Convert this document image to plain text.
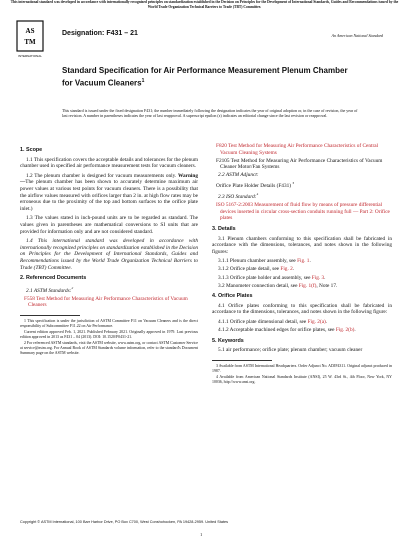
This international standard was developed in accordance with internationally recognized principles on standardization established in the Decision on Principles for the Development of International Standards, Guides and Recommendations issued by the World Trade Organization Technical Barriers to Trade (TBT) Committee.
AS
TM
INTERNATIONAL
Designation: F431 – 21	An American National Standard
Standard Specification for Air Performance Measurement Plenum Chamber for Vacuum Cleaners$^1$
This standard is issued under the fixed designation F431; the number immediately following the designation indicates the year of original adoption or, in the case of revision, the year of last revision. A number in parentheses indicates the year of last reapproval. A superscript epsilon (ε) indicates an editorial change since the last revision or reapproval.
1. Scope

1.1 This specification covers the acceptable details and tolerances for the plenum chamber used in specified air performance measurement tests for vacuum cleaners.

1.2 The plenum chamber is designed for vacuum measurements only. Warning—The plenum chamber has been shown to accurately determine maximum air power values at various test points for vacuum cleaners. There is a possibility that the airflow values measured with orifices larger than 2 in. at high flow rates may be erroneous due to the proximity of the top and bottom surfaces to the orifice plate inlet.)

1.3 The values stated in inch-pound units are to be regarded as standard. The values given in parentheses are mathematical conversions to SI units that are provided for information only and are not considered standard.

1.4 This international standard was developed in accordance with internationally recognized principles on standardization established in the Decision on Principles for the Development of International Standards, Guides and Recommendations issued by the World Trade Organization Technical Barriers to Trade (TBT) Committee.

2. Referenced Documents

2.1 ASTM Standards:$^2$

F558 Test Method for Measuring Air Performance Characteristics of Vacuum Cleaners

1 This specification is under the jurisdiction of ASTM Committee F11 on Vacuum Cleaners and is the direct responsibility of Subcommittee F11.22 on Air Performance.

Current edition approved Feb. 1, 2021. Published February 2021. Originally approved in 1979. Last previous edition approved in 2013 as F431 – 04 (2013). DOI: 10.1520/F0431-21.

2 For referenced ASTM standards, visit the ASTM website, www.astm.org, or contact ASTM Customer Service at service@astm.org. For Annual Book of ASTM Standards volume information, refer to the standard's Document Summary page on the ASTM website.

F820 Test Method for Measuring Air Performance Characteristics of Central Vacuum Cleaning Systems

F2105 Test Method for Measuring Air Performance Characteristics of Vacuum Cleaner Motor/Fan Systems

2.2 ASTM Adjunct:

Orifice Plate Holder Details (F431) $^3$

2.3 ISO Standard:$^4$

ISO 5167-2:2003 Measurement of fluid flow by means of pressure differential devices inserted in circular cross-section conduits running full — Part 2: Orifice plates

3. Details

3.1 Plenum chambers conforming to this specification shall be fabricated in accordance with the dimensions, tolerances, and notes shown in the following figures:

3.1.1 Plenum chamber assembly, see Fig. 1.

3.1.2 Orifice plate detail, see Fig. 2.

3.1.3 Orifice plate holder and assembly, see Fig. 3.

3.2 Manometer connection detail, see Fig. 1(f), Note 17.

4. Orifice Plates

4.1 Orifice plates conforming to this specification shall be fabricated in accordance to the dimensions, tolerances, and notes shown in the following figure:

4.1.1 Orifice plate dimensional detail, see Fig. 2(a).

4.1.2 Acceptable machined edges for orifice plates, see Fig. 2(b).

5. Keywords

5.1 air performance; orifice plate; plenum chamber; vacuum cleaner

3 Available from ASTM International Headquarters. Order Adjunct No. ADJF4311. Original adjunct produced in 1987.

4 Available from American National Standards Institute (ANSI), 25 W. 43rd St., 4th Floor, New York, NY 10036, http://www.ansi.org.

Copyright © ASTM International, 100 Barr Harbor Drive, PO Box C700, West Conshohocken, PA 19428-2959. United States
1
